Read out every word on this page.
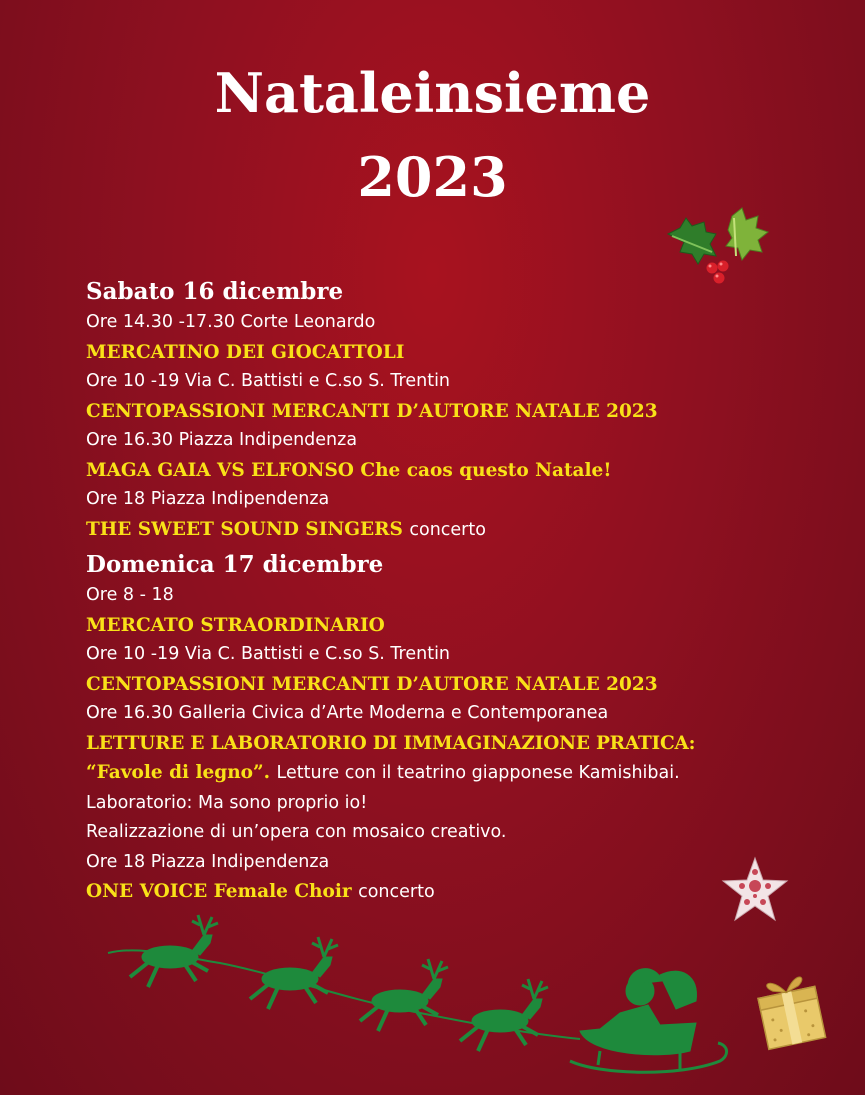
Nataleinsieme
2023
Sabato 16 dicembre
Ore 14.30 -17.30 Corte Leonardo
MERCATINO DEI GIOCATTOLI
Ore 10 -19 Via C. Battisti e C.so S. Trentin
CENTOPASSIONI MERCANTI D’AUTORE NATALE 2023
Ore 16.30 Piazza Indipendenza
MAGA GAIA VS ELFONSO Che caos questo Natale!
Ore 18 Piazza Indipendenza
THE SWEET SOUND SINGERS concerto
Domenica 17 dicembre
Ore 8 - 18
MERCATO STRAORDINARIO
Ore 10 -19 Via C. Battisti e C.so S. Trentin
CENTOPASSIONI MERCANTI D’AUTORE NATALE 2023
Ore 16.30 Galleria Civica d’Arte Moderna e Contemporanea
LETTURE E LABORATORIO DI IMMAGINAZIONE PRATICA:
“Favole di legno”. Letture con il teatrino giapponese Kamishibai.
Laboratorio: Ma sono proprio io!
Realizzazione di un’opera con mosaico creativo.
Ore 18 Piazza Indipendenza
ONE VOICE Female Choir concerto
